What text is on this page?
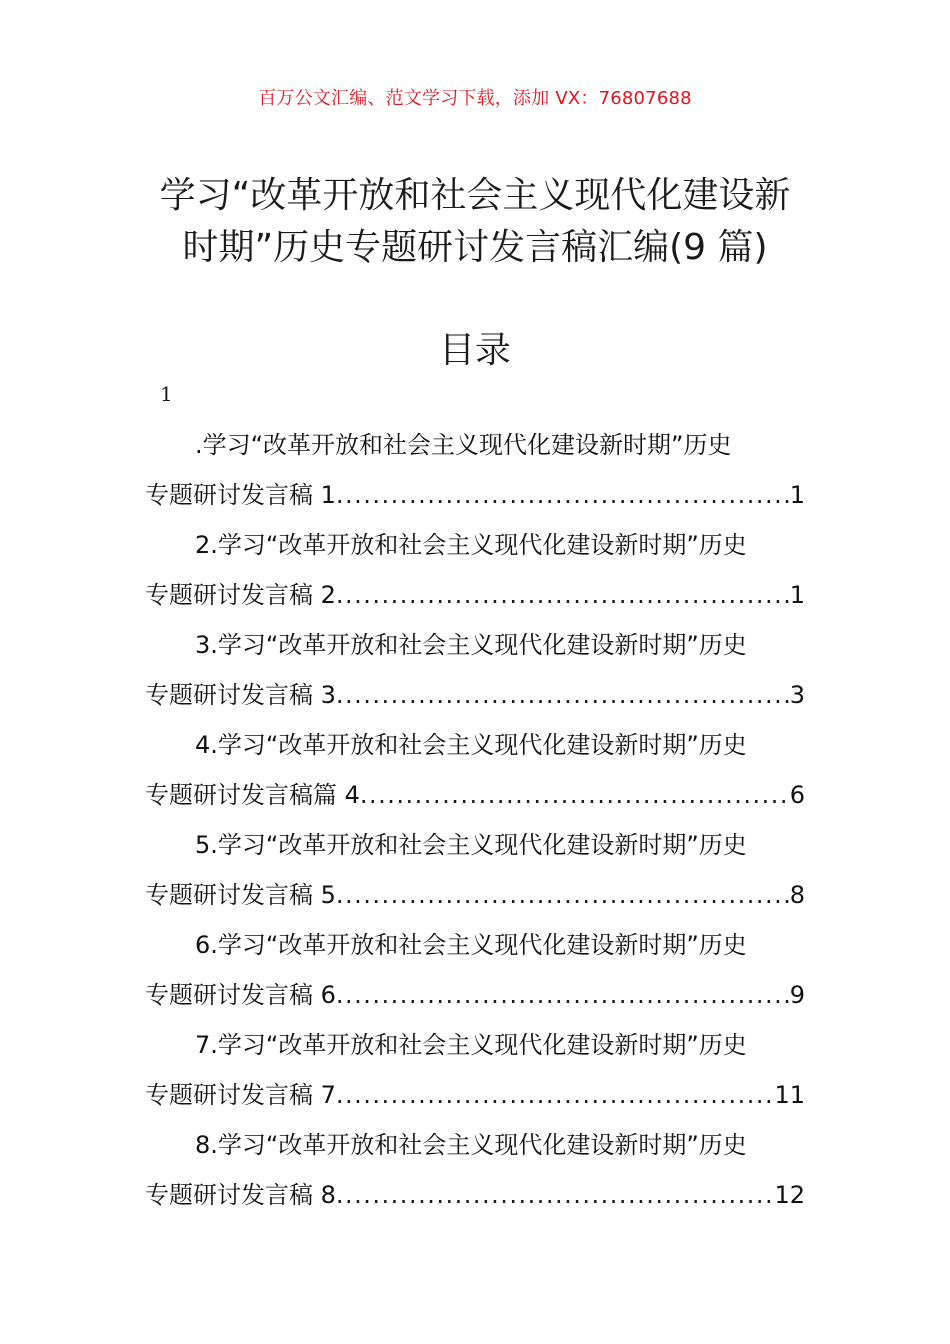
百万公文汇编、范文学习下载，添加 VX：76807688
学习“改革开放和社会主义现代化建设新
时期”历史专题研讨发言稿汇编(9 篇)
目录
1
.学习“改革开放和社会主义现代化建设新时期”历史
专题研讨发言稿 1 .....	1
2.学习“改革开放和社会主义现代化建设新时期”历史
专题研讨发言稿 2 .....	1
3.学习“改革开放和社会主义现代化建设新时期”历史
专题研讨发言稿 3 .....	3
4.学习“改革开放和社会主义现代化建设新时期”历史
专题研讨发言稿篇 4 .....	6
5.学习“改革开放和社会主义现代化建设新时期”历史
专题研讨发言稿 5 .....	8
6.学习“改革开放和社会主义现代化建设新时期”历史
专题研讨发言稿 6 .....	9
7.学习“改革开放和社会主义现代化建设新时期”历史
专题研讨发言稿 7 .....	11
8.学习“改革开放和社会主义现代化建设新时期”历史
专题研讨发言稿 8 .....	12
